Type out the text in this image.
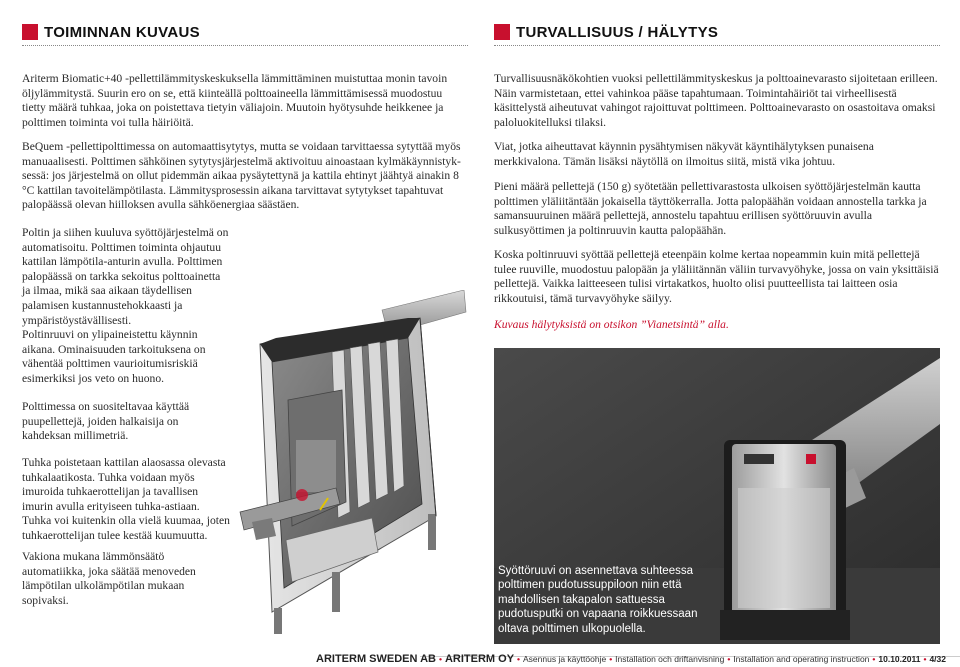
TOIMINNAN KUVAUS	TURVALLISUUS / HÄLYTYS

Ariterm Biomatic+40 -pellettilämmityskeskuksella lämmittäminen muistuttaa monin tavoin öljylämmitystä. Suurin ero on se, että kiinteällä polttoaineella lämmittämisessä muodostuu tietty määrä tuhkaa, joka on poistettava tietyin väliajoin. Muutoin hyötysuhde heikkenee ja polttimen toiminta voi tulla häiriöitä.

BeQuem -pellettipolttimessa on automaattisytytys, mutta se voidaan tarvittaessa sytyttää myös manuaalisesti. Polttimen sähköinen sytytysjärjestelmä aktivoituu ainoastaan kylmäkäynnistyk-sessä: jos järjestelmä on ollut pidemmän aikaa pysäytettynä ja kattila ehtinyt jäähtyä ainakin 8 °C kattilan tavoitelämpötilasta. Lämmitysprosessin aikana tarvittavat sytytykset tapahtuvat palopäässä olevan hiilloksen avulla sähköenergiaa säästäen.

Poltin ja siihen kuuluva syöttöjärjestelmä on automatisoitu. Polttimen toiminta ohjautuu kattilan lämpötila-anturin avulla. Polttimen palopäässä on tarkka sekoitus polttoainetta ja ilmaa, mikä saa aikaan täydellisen palamisen kustannustehokkaasti ja ympäristöystävällisesti.

Poltinruuvi on ylipaineistettu käynnin aikana. Ominaisuuden tarkoituksena on vähentää polttimen vaurioitumisriskiä esimerkiksi jos veto on huono.

Polttimessa on suositeltavaa käyttää puupellettejä, joiden halkaisija on kahdeksan millimetriä.

Tuhka poistetaan kattilan alaosassa olevasta tuhkalaatikosta. Tuhka voidaan myös imuroida tuhkaerottelijan ja tavallisen imurin avulla erityiseen tuhka-astiaan. Tuhka voi kuitenkin olla vielä kuumaa, joten tuhkaerottelijan tulee kestää kuumuutta.

Vakiona mukana lämmönsäätö automatiikka, joka säätää menoveden lämpötilan ulkolämpötilan mukaan sopivaksi.

Turvallisuusnäkökohtien vuoksi pellettilämmityskeskus ja polttoainevarasto sijoitetaan erilleen. Näin varmistetaan, ettei vahinkoa pääse tapahtumaan. Toimintahäiriöt tai virheellisestä käsittelystä aiheutuvat vahingot rajoittuvat polttimeen. Polttoainevarasto on osastoitava omaksi paloluokitelluksi tilaksi.

Viat, jotka aiheuttavat käynnin pysähtymisen näkyvät käyntihälytyksen punaisena merkkivalona. Tämän lisäksi näytöllä on ilmoitus siitä, mistä vika johtuu.

Pieni määrä pellettejä (150 g) syötetään pellettivarastosta ulkoisen syöttöjärjestelmän kautta polttimen yläliitäntään jokaisella täyttökerralla. Jotta palopäähän voidaan annostella tarkka ja samansuuruinen määrä pellettejä, annostelu tapahtuu erillisen syöttöruuvin avulla sulkusyöttimen ja poltinruuvin kautta palopäähän.

Koska poltinruuvi syöttää pellettejä eteenpäin kolme kertaa nopeammin kuin mitä pellettejä tulee ruuville, muodostuu palopään ja yläliitännän väliin turvavyöhyke, jossa on vain yksittäisiä pellettejä. Vaikka laitteeseen tulisi virtakatkos, huolto olisi puutteellista tai laitteen osia rikkoutuisi, tämä turvavyöhyke säilyy.

Kuvaus hälytyksistä on otsikon ”Vianetsintä” alla.

Syöttöruuvi on asennettava suhteessa polttimen pudotussuppiloon niin että mahdollisen takapalon sattuessa pudotusputki on vapaana roikkuessaan oltava polttimen ulkopuolella.

ARITERM SWEDEN AB • ARITERM OY • Asennus ja käyttöohje • Installation och driftanvisning • Installation and operating instruction • 10.10.2011 • 4/32
